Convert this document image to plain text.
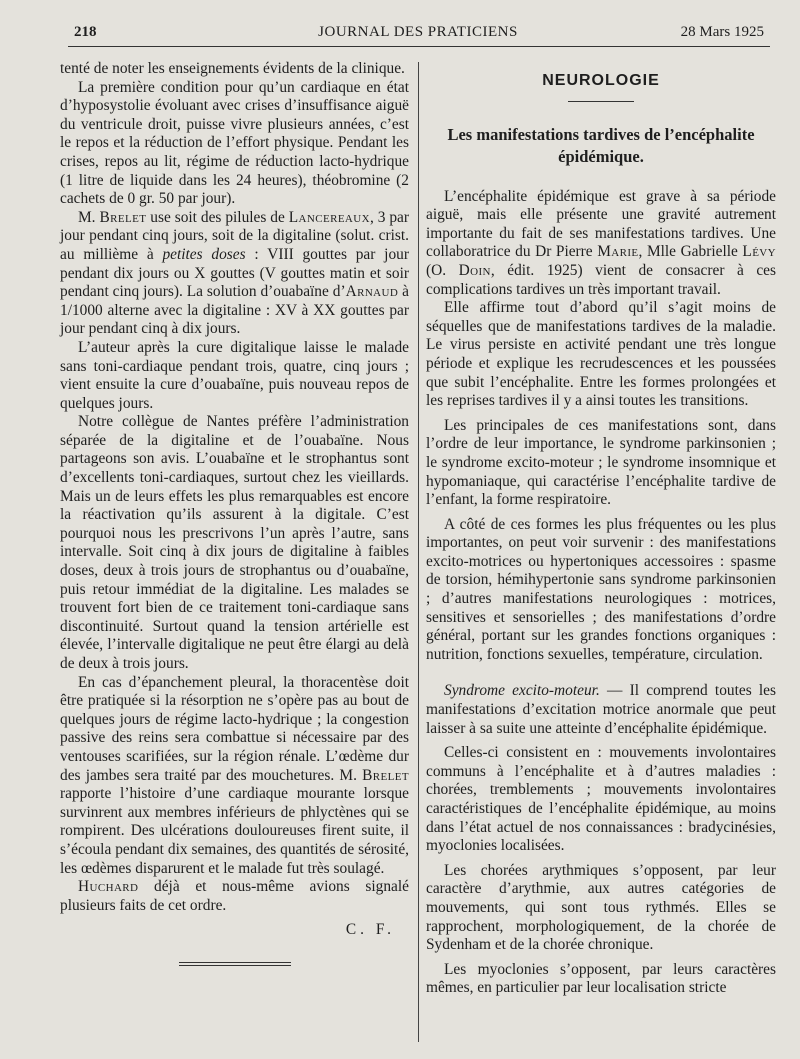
218	JOURNAL DES PRATICIENS	28 Mars 1925

tenté de noter les enseignements évidents de la clinique.

La première condition pour qu’un cardiaque en état d’hyposystolie évoluant avec crises d’insuffisance aiguë du ventricule droit, puisse vivre plusieurs années, c’est le repos et la réduction de l’effort physique. Pendant les crises, repos au lit, régime de réduction lacto-hydrique (1 litre de liquide dans les 24 heures), théobromine (2 cachets de 0 gr. 50 par jour).

M. Brelet use soit des pilules de Lancereaux, 3 par jour pendant cinq jours, soit de la digitaline (solut. crist. au millième à petites doses : VIII gouttes par jour pendant dix jours ou X gouttes (V gouttes matin et soir pendant cinq jours). La solution d’ouabaïne d’Arnaud à 1/1000 alterne avec la digitaline : XV à XX gouttes par jour pendant cinq à dix jours.

L’auteur après la cure digitalique laisse le malade sans toni-cardiaque pendant trois, quatre, cinq jours ; vient ensuite la cure d’ouabaïne, puis nouveau repos de quelques jours.

Notre collègue de Nantes préfère l’administration séparée de la digitaline et de l’ouabaïne. Nous partageons son avis. L’ouabaïne et le strophantus sont d’excellents toni-cardiaques, surtout chez les vieillards. Mais un de leurs effets les plus remarquables est encore la réactivation qu’ils assurent à la digitale. C’est pourquoi nous les prescrivons l’un après l’autre, sans intervalle. Soit cinq à dix jours de digitaline à faibles doses, deux à trois jours de strophantus ou d’ouabaïne, puis retour immédiat de la digitaline. Les malades se trouvent fort bien de ce traitement toni-cardiaque sans discontinuité. Surtout quand la tension artérielle est élevée, l’intervalle digitalique ne peut être élargi au delà de deux à trois jours.

En cas d’épanchement pleural, la thoracentèse doit être pratiquée si la résorption ne s’opère pas au bout de quelques jours de régime lacto-hydrique ; la congestion passive des reins sera combattue si nécessaire par des ventouses scarifiées, sur la région rénale. L’œdème dur des jambes sera traité par des mouchetures. M. Brelet rapporte l’histoire d’une cardiaque mourante lorsque survinrent aux membres inférieurs de phlyctènes qui se rompirent. Des ulcérations douloureuses firent suite, il s’écoula pendant dix semaines, des quantités de sérosité, les œdèmes disparurent et le malade fut très soulagé.

Huchard déjà et nous-même avions signalé plusieurs faits de cet ordre.

C. F.
NEUROLOGIE
Les manifestations tardives de l’encéphalite épidémique.

L’encéphalite épidémique est grave à sa période aiguë, mais elle présente une gravité autrement importante du fait de ses manifestations tardives. Une collaboratrice du Dr Pierre Marie, Mlle Gabrielle Lévy (O. Doin, édit. 1925) vient de consacrer à ces complications tardives un très important travail.

Elle affirme tout d’abord qu’il s’agit moins de séquelles que de manifestations tardives de la maladie. Le virus persiste en activité pendant une très longue période et explique les recrudescences et les poussées que subit l’encéphalite. Entre les formes prolongées et les reprises tardives il y a ainsi toutes les transitions.

Les principales de ces manifestations sont, dans l’ordre de leur importance, le syndrome parkinsonien ; le syndrome excito-moteur ; le syndrome insomnique et hypomaniaque, qui caractérise l’encéphalite tardive de l’enfant, la forme respiratoire.

A côté de ces formes les plus fréquentes ou les plus importantes, on peut voir survenir : des manifestations excito-motrices ou hypertoniques accessoires : spasme de torsion, hémihypertonie sans syndrome parkinsonien ; d’autres manifestations neurologiques : motrices, sensitives et sensorielles ; des manifestations d’ordre général, portant sur les grandes fonctions organiques : nutrition, fonctions sexuelles, température, circulation.

Syndrome excito-moteur. — Il comprend toutes les manifestations d’excitation motrice anormale que peut laisser à sa suite une atteinte d’encéphalite épidémique.

Celles-ci consistent en : mouvements involontaires communs à l’encéphalite et à d’autres maladies : chorées, tremblements ; mouvements involontaires caractéristiques de l’encéphalite épidémique, au moins dans l’état actuel de nos connaissances : bradycinésies, myoclonies localisées.

Les chorées arythmiques s’opposent, par leur caractère d’arythmie, aux autres catégories de mouvements, qui sont tous rythmés. Elles se rapprochent, morphologiquement, de la chorée de Sydenham et de la chorée chronique.

Les myoclonies s’opposent, par leurs caractères mêmes, en particulier par leur localisation stricte
